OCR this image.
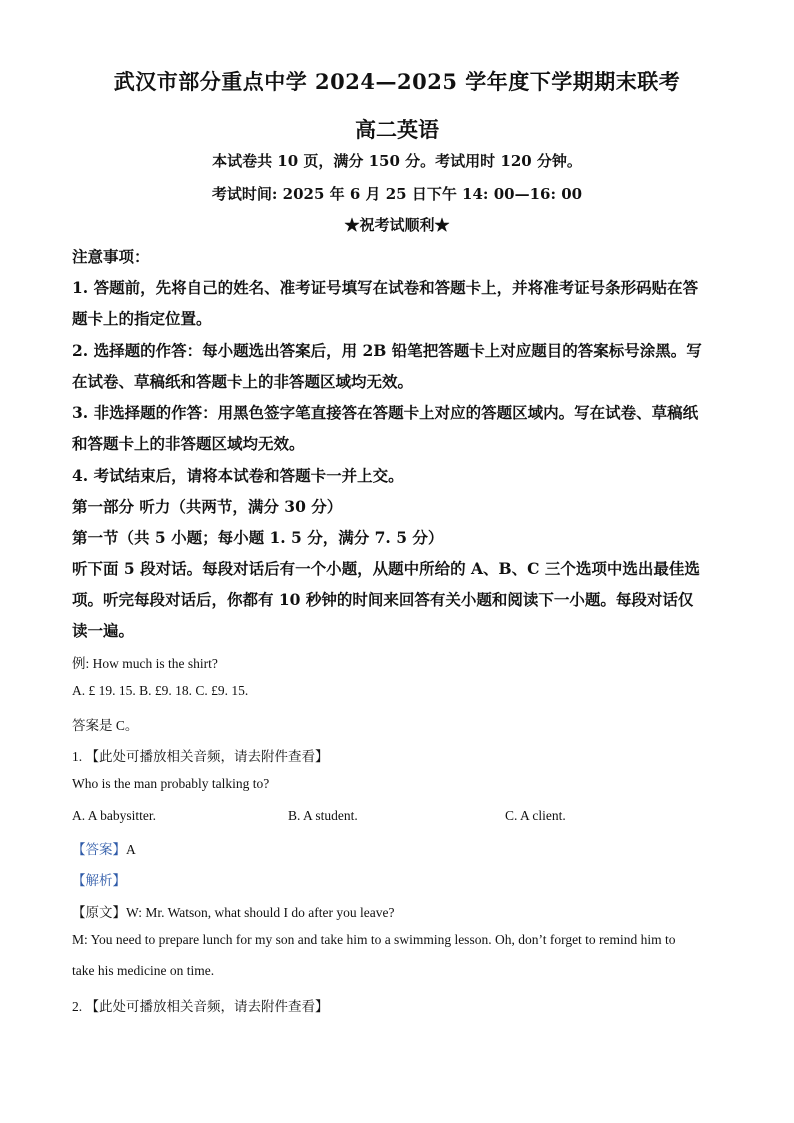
武汉市部分重点中学 2024—2025 学年度下学期期末联考
高二英语
本试卷共 10 页，满分 150 分。考试用时 120 分钟。
考试时间: 2025 年 6 月 25 日下午 14: 00—16: 00
★祝考试顺利★
注意事项：
1. 答题前，先将自己的姓名、准考证号填写在试卷和答题卡上，并将准考证号条形码贴在答
题卡上的指定位置。
2. 选择题的作答：每小题选出答案后，用 2B 铅笔把答题卡上对应题目的答案标号涂黑。写
在试卷、草稿纸和答题卡上的非答题区域均无效。
3. 非选择题的作答：用黑色签字笔直接答在答题卡上对应的答题区域内。写在试卷、草稿纸
和答题卡上的非答题区域均无效。
4. 考试结束后，请将本试卷和答题卡一并上交。
第一部分 听力（共两节，满分 30 分）
第一节（共 5 小题；每小题 1. 5 分，满分 7. 5 分）
听下面 5 段对话。每段对话后有一个小题，从题中所给的 A、B、C 三个选项中选出最佳选
项。听完每段对话后，你都有 10 秒钟的时间来回答有关小题和阅读下一小题。每段对话仅
读一遍。
例: How much is the shirt?
A. £ 19. 15. B. £9. 18. C. £9. 15.
答案是 C。
1. 【此处可播放相关音频，请去附件查看】
Who is the man probably talking to?
A. A babysitter.	B. A student.	C. A client.
【答案】A
【解析】
【原文】W: Mr. Watson, what should I do after you leave?
M: You need to prepare lunch for my son and take him to a swimming lesson. Oh, don’t forget to remind him to
take his medicine on time.
2. 【此处可播放相关音频，请去附件查看】
